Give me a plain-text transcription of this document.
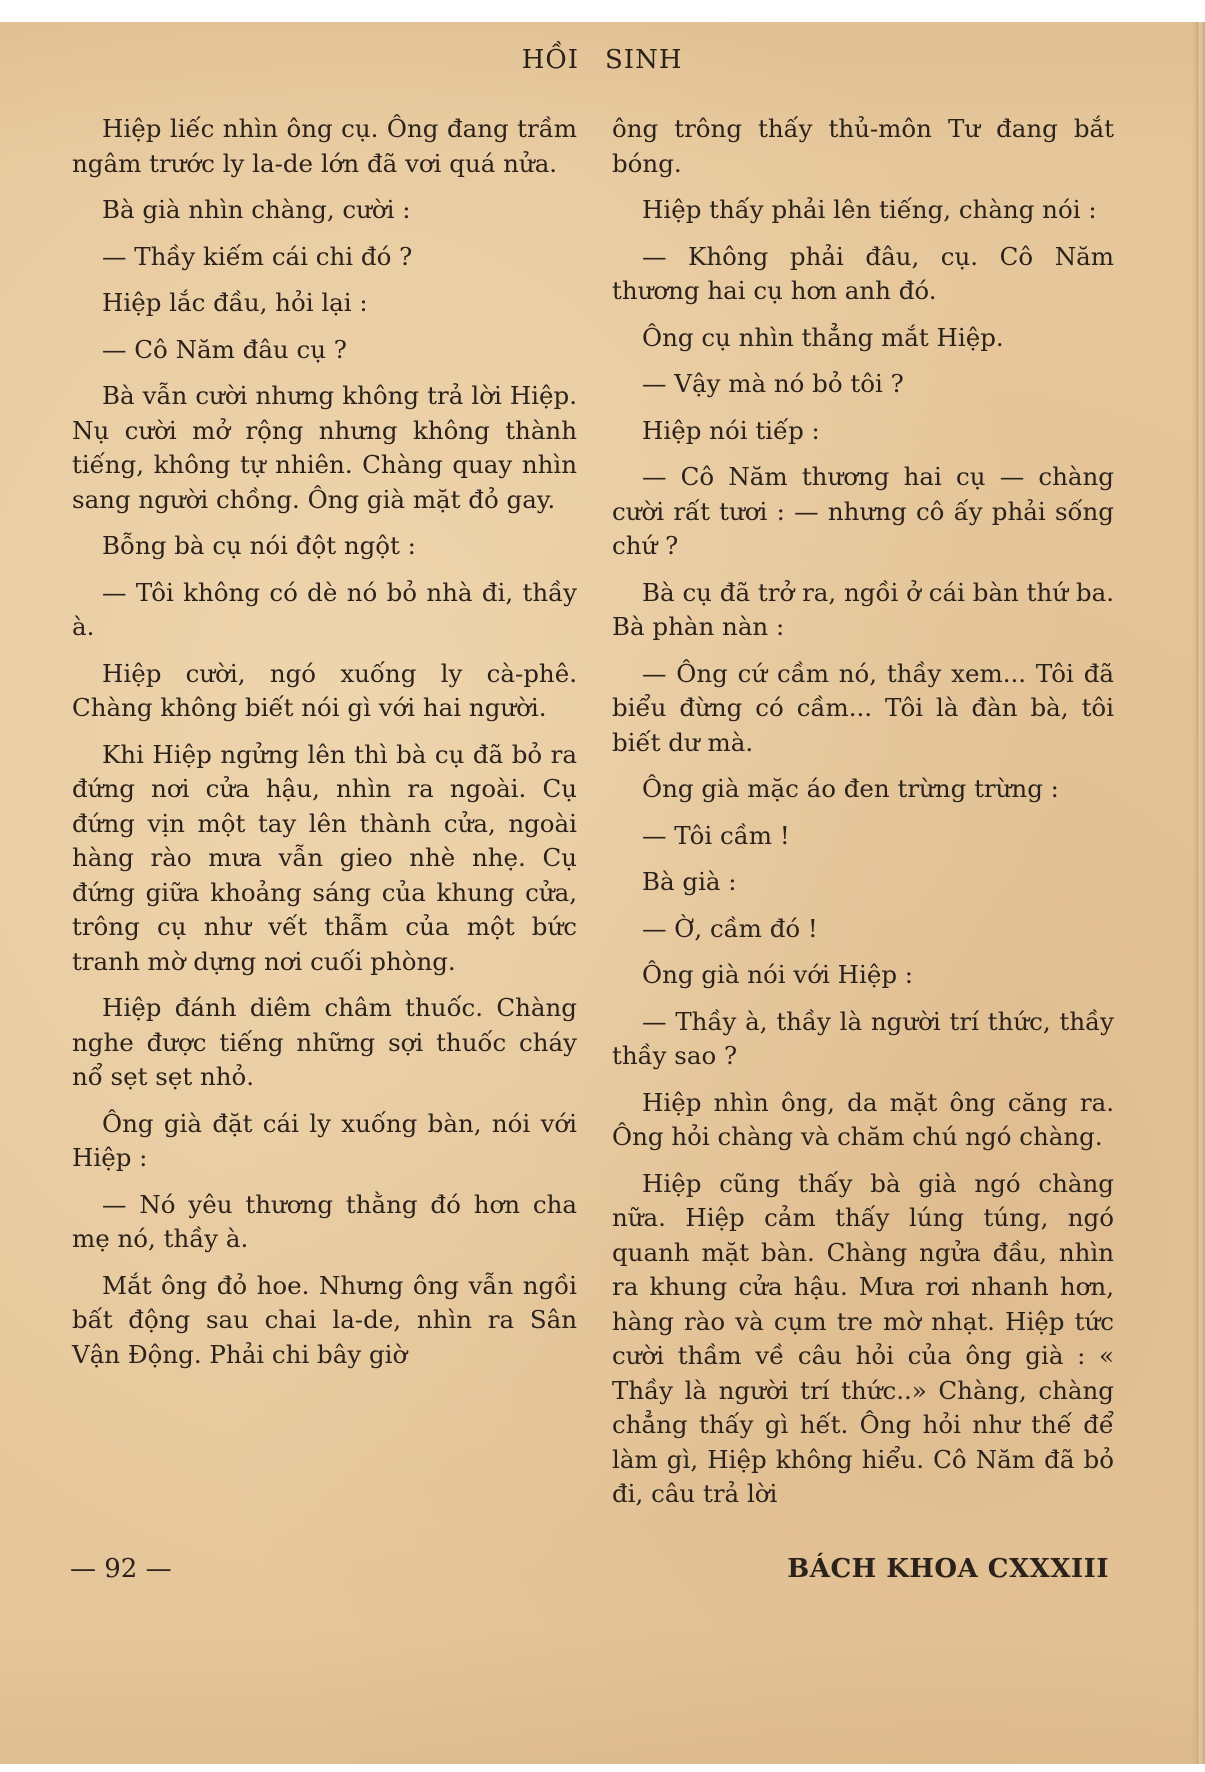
HỒI SINH

Hiệp liếc nhìn ông cụ. Ông đang trầm ngâm trước ly la-de lớn đã vơi quá nửa.

Bà già nhìn chàng, cười :

— Thầy kiếm cái chi đó ?

Hiệp lắc đầu, hỏi lại :

— Cô Năm đâu cụ ?

Bà vẫn cười nhưng không trả lời Hiệp. Nụ cười mở rộng nhưng không thành tiếng, không tự nhiên. Chàng quay nhìn sang người chồng. Ông già mặt đỏ gay.

Bỗng bà cụ nói đột ngột :

— Tôi không có dè nó bỏ nhà đi, thầy à.

Hiệp cười, ngó xuống ly cà-phê. Chàng không biết nói gì với hai người.

Khi Hiệp ngửng lên thì bà cụ đã bỏ ra đứng nơi cửa hậu, nhìn ra ngoài. Cụ đứng vịn một tay lên thành cửa, ngoài hàng rào mưa vẫn gieo nhè nhẹ. Cụ đứng giữa khoảng sáng của khung cửa, trông cụ như vết thẫm của một bức tranh mờ dựng nơi cuối phòng.

Hiệp đánh diêm châm thuốc. Chàng nghe được tiếng những sợi thuốc cháy nổ sẹt sẹt nhỏ.

Ông già đặt cái ly xuống bàn, nói với Hiệp :

— Nó yêu thương thằng đó hơn cha mẹ nó, thầy à.

Mắt ông đỏ hoe. Nhưng ông vẫn ngồi bất động sau chai la-de, nhìn ra Sân Vận Động. Phải chi bây giờ

ông trông thấy thủ-môn Tư đang bắt bóng.

Hiệp thấy phải lên tiếng, chàng nói :

— Không phải đâu, cụ. Cô Năm thương hai cụ hơn anh đó.

Ông cụ nhìn thẳng mắt Hiệp.

— Vậy mà nó bỏ tôi ?

Hiệp nói tiếp :

— Cô Năm thương hai cụ — chàng cười rất tươi : — nhưng cô ấy phải sống chứ ?

Bà cụ đã trở ra, ngồi ở cái bàn thứ ba. Bà phàn nàn :

— Ông cứ cầm nó, thầy xem... Tôi đã biểu đừng có cầm... Tôi là đàn bà, tôi biết dư mà.

Ông già mặc áo đen trừng trừng :

— Tôi cầm !

Bà già :

— Ờ, cầm đó !

Ông già nói với Hiệp :

— Thầy à, thầy là người trí thức, thầy thầy sao ?

Hiệp nhìn ông, da mặt ông căng ra. Ông hỏi chàng và chăm chú ngó chàng.

Hiệp cũng thấy bà già ngó chàng nữa. Hiệp cảm thấy lúng túng, ngó quanh mặt bàn. Chàng ngửa đầu, nhìn ra khung cửa hậu. Mưa rơi nhanh hơn, hàng rào và cụm tre mờ nhạt. Hiệp tức cười thầm về câu hỏi của ông già : « Thầy là người trí thức..» Chàng, chàng chẳng thấy gì hết. Ông hỏi như thế để làm gì, Hiệp không hiểu. Cô Năm đã bỏ đi, câu trả lời

— 92 —	BÁCH KHOA CXXXIII
